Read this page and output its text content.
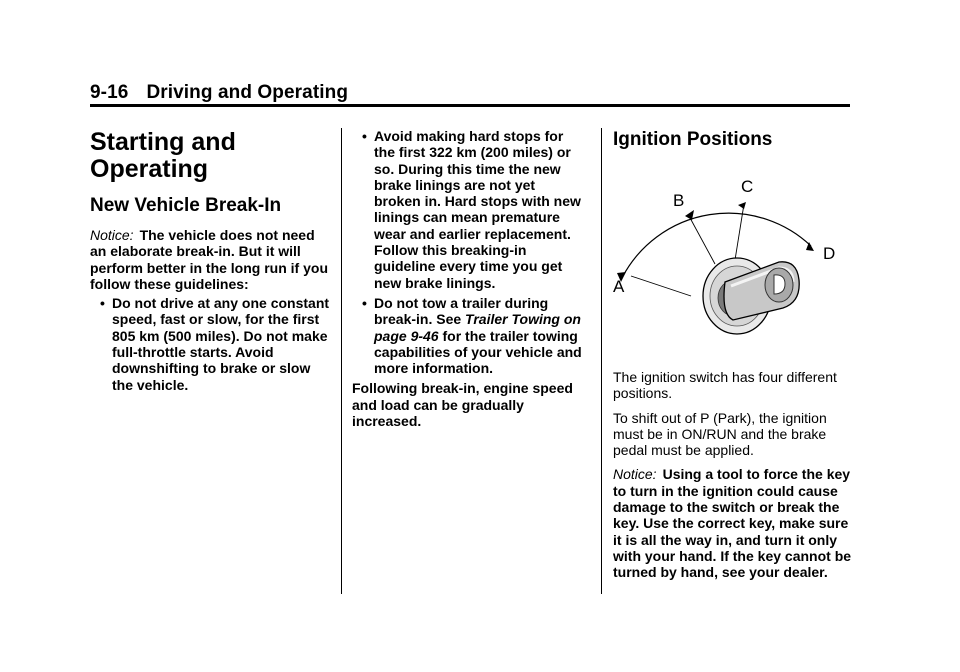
9-16 Driving and Operating
Starting and Operating
New Vehicle Break-In
Notice: The vehicle does not need an elaborate break-in. But it will perform better in the long run if you follow these guidelines:
• Do not drive at any one constant speed, fast or slow, for the first 805 km (500 miles). Do not make full-throttle starts. Avoid downshifting to brake or slow the vehicle.
• Avoid making hard stops for the first 322 km (200 miles) or so. During this time the new brake linings are not yet broken in. Hard stops with new linings can mean premature wear and earlier replacement. Follow this breaking-in guideline every time you get new brake linings.
• Do not tow a trailer during break-in. See Trailer Towing on page 9-46 for the trailer towing capabilities of your vehicle and more information.

Following break-in, engine speed and load can be gradually increased.

Ignition Positions
A
B
C
D

The ignition switch has four different positions.

To shift out of P (Park), the ignition must be in ON/RUN and the brake pedal must be applied.

Notice: Using a tool to force the key to turn in the ignition could cause damage to the switch or break the key. Use the correct key, make sure it is all the way in, and turn it only with your hand. If the key cannot be turned by hand, see your dealer.
